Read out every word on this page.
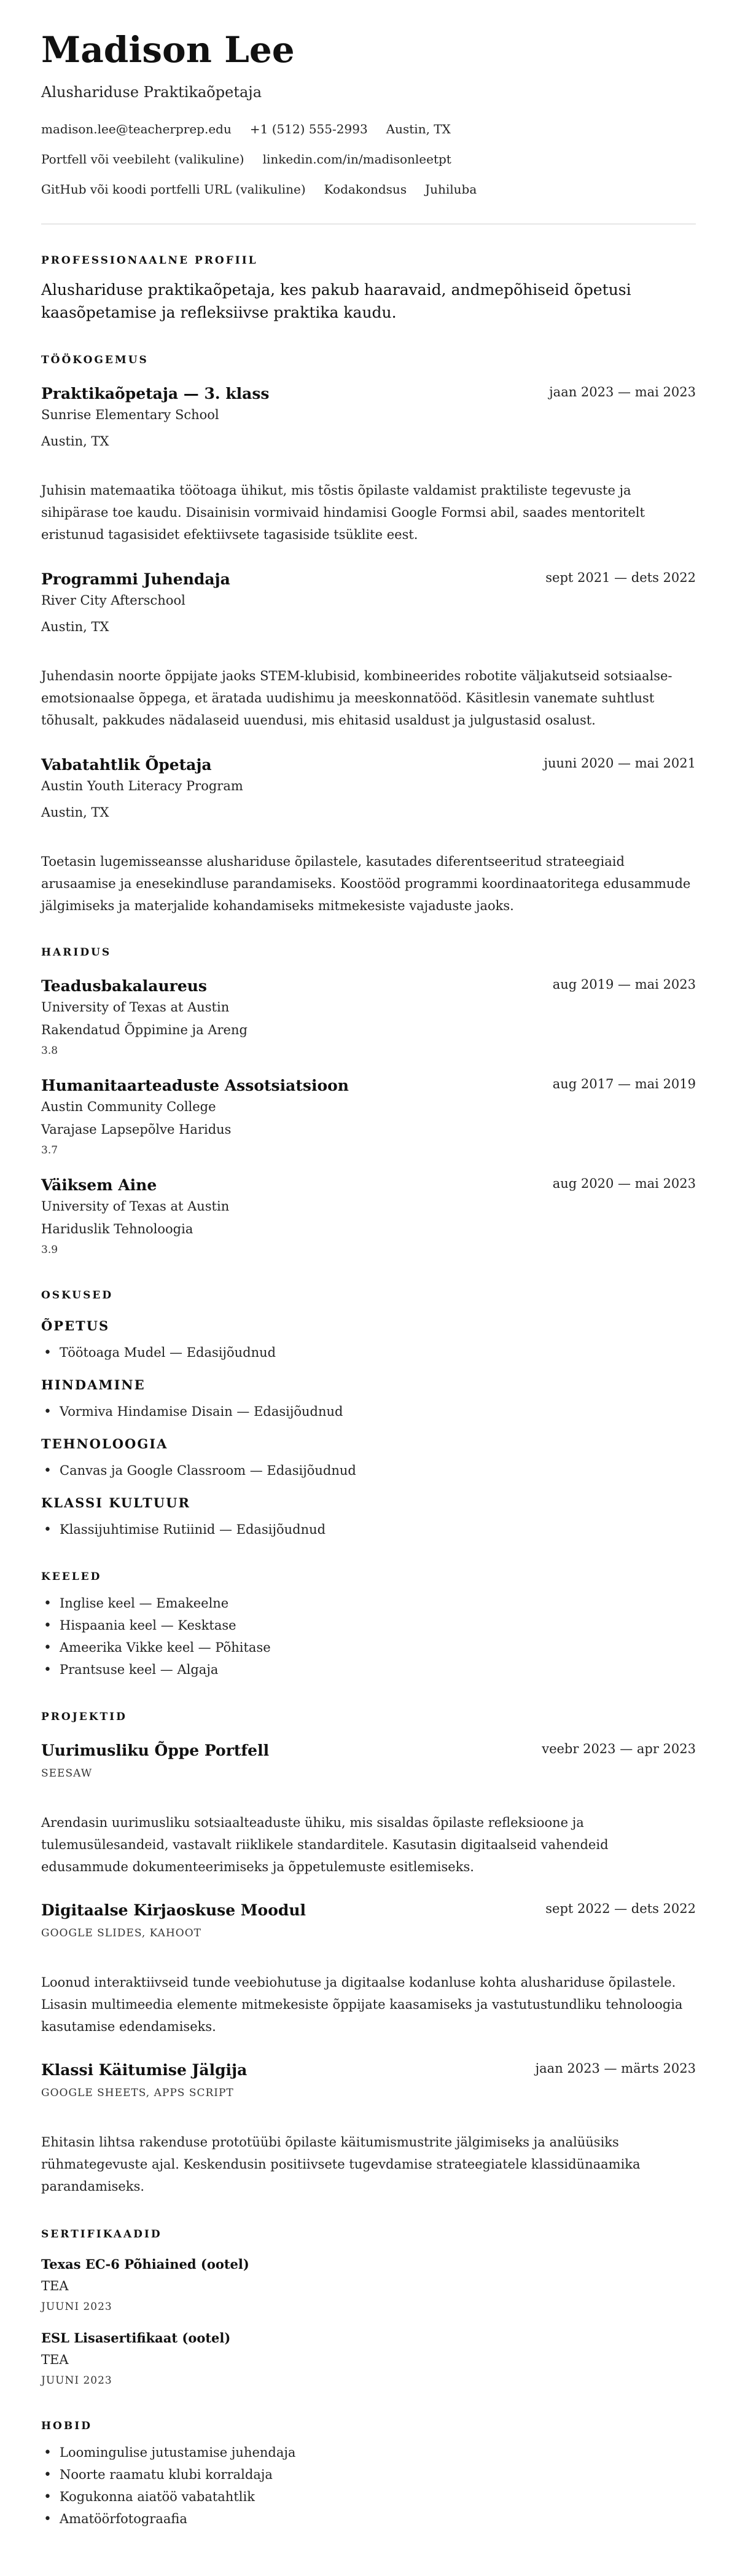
Madison Lee
Alushariduse Praktikaõpetaja
madison.lee@teacherprep.edu +1 (512) 555-2993 Austin, TX
Portfell või veebileht (valikuline) linkedin.com/in/madisonleetpt
GitHub või koodi portfelli URL (valikuline) Kodakondsus Juhiluba
PROFESSIONAALNE PROFIIL
Alushariduse praktikaõpetaja, kes pakub haaravaid, andmepõhiseid õpetusi kaasõpetamise ja refleksiivse praktika kaudu.
TÖÖKOGEMUS
Praktikaõpetaja — 3. klass	jaan 2023 — mai 2023
Sunrise Elementary School
Austin, TX
Juhisin matemaatika töötoaga ühikut, mis tõstis õpilaste valdamist praktiliste tegevuste ja sihipärase toe kaudu. Disainisin vormivaid hindamisi Google Formsi abil, saades mentoritelt eristunud tagasisidet efektiivsete tagasiside tsüklite eest.
Programmi Juhendaja	sept 2021 — dets 2022
River City Afterschool
Austin, TX
Juhendasin noorte õppijate jaoks STEM-klubisid, kombineerides robotite väljakutseid sotsiaalse-emotsionaalse õppega, et äratada uudishimu ja meeskonnatööd. Käsitlesin vanemate suhtlust tõhusalt, pakkudes nädalaseid uuendusi, mis ehitasid usaldust ja julgustasid osalust.
Vabatahtlik Õpetaja	juuni 2020 — mai 2021
Austin Youth Literacy Program
Austin, TX
Toetasin lugemisseansse alushariduse õpilastele, kasutades diferentseeritud strateegiaid arusaamise ja enesekindluse parandamiseks. Koostööd programmi koordinaatoritega edusammude jälgimiseks ja materjalide kohandamiseks mitmekesiste vajaduste jaoks.
HARIDUS
Teadusbakalaureus	aug 2019 — mai 2023
University of Texas at Austin
Rakendatud Õppimine ja Areng
3.8
Humanitaarteaduste Assotsiatsioon	aug 2017 — mai 2019
Austin Community College
Varajase Lapsepõlve Haridus
3.7
Väiksem Aine	aug 2020 — mai 2023
University of Texas at Austin
Hariduslik Tehnoloogia
3.9
OSKUSED
ÕPETUS
• Töötoaga Mudel — Edasijõudnud
HINDAMINE
• Vormiva Hindamise Disain — Edasijõudnud
TEHNOLOOGIA
• Canvas ja Google Classroom — Edasijõudnud
KLASSI KULTUUR
• Klassijuhtimise Rutiinid — Edasijõudnud
KEELED
• Inglise keel — Emakeelne
• Hispaania keel — Kesktase
• Ameerika Vikke keel — Põhitase
• Prantsuse keel — Algaja
PROJEKTID
Uurimusliku Õppe Portfell	veebr 2023 — apr 2023
SEESAW
Arendasin uurimusliku sotsiaalteaduste ühiku, mis sisaldas õpilaste refleksioone ja tulemusülesandeid, vastavalt riiklikele standarditele. Kasutasin digitaalseid vahendeid edusammude dokumenteerimiseks ja õppetulemuste esitlemiseks.
Digitaalse Kirjaoskuse Moodul	sept 2022 — dets 2022
GOOGLE SLIDES, KAHOOT
Loonud interaktiivseid tunde veebiohutuse ja digitaalse kodanluse kohta alushariduse õpilastele. Lisasin multimeedia elemente mitmekesiste õppijate kaasamiseks ja vastutustundliku tehnoloogia kasutamise edendamiseks.
Klassi Käitumise Jälgija	jaan 2023 — märts 2023
GOOGLE SHEETS, APPS SCRIPT
Ehitasin lihtsa rakenduse prototüübi õpilaste käitumismustrite jälgimiseks ja analüüsiks rühmategevuste ajal. Keskendusin positiivsete tugevdamise strateegiatele klassidünaamika parandamiseks.
SERTIFIKAADID
Texas EC-6 Põhiained (ootel)
TEA
JUUNI 2023
ESL Lisasertifikaat (ootel)
TEA
JUUNI 2023
HOBID
• Loomingulise jutustamise juhendaja
• Noorte raamatu klubi korraldaja
• Kogukonna aiatöö vabatahtlik
• Amatöörfotograafia
